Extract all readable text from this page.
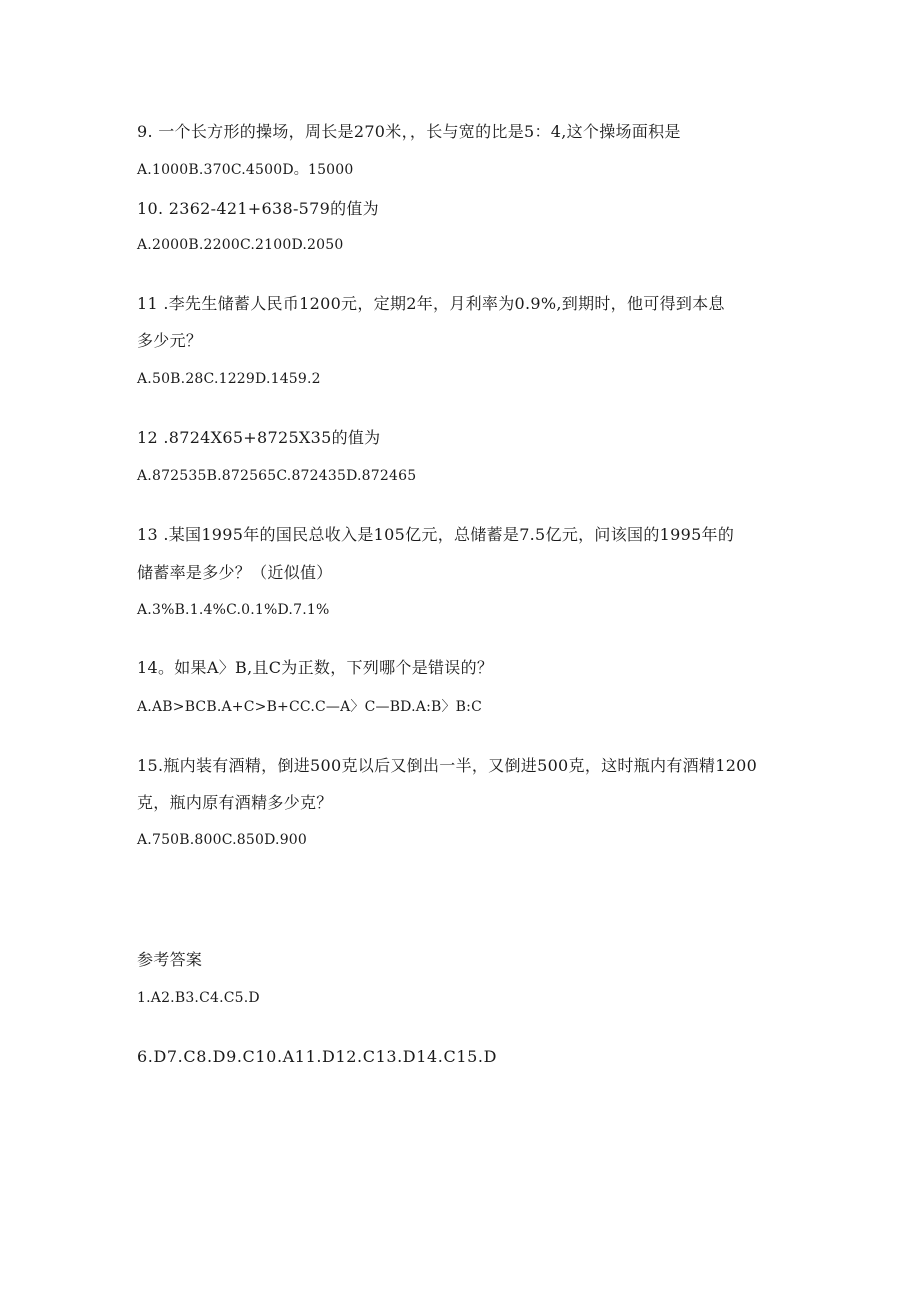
9. 一个长方形的操场，周长是270米，，长与宽的比是5：4,这个操场面积是
A.1000B.370C.4500D。15000
10. 2362-421+638-579的值为
A.2000B.2200C.2100D.2050
11 .李先生储蓄人民币1200元，定期2年，月利率为0.9%,到期时，他可得到本息
多少元？
A.50B.28C.1229D.1459.2
12 .8724X65+8725X35的值为
A.872535B.872565C.872435D.872465
13 .某国1995年的国民总收入是105亿元，总储蓄是7.5亿元，问该国的1995年的
储蓄率是多少？（近似值）
A.3%B.1.4%C.0.1%D.7.1%
14。如果A〉B,且C为正数，下列哪个是错误的？
A.AB>BCB.A+C>B+CC.C—A〉C—BD.A:B〉B:C
15.瓶内装有酒精，倒进500克以后又倒出一半，又倒进500克，这时瓶内有酒精1200
克，瓶内原有酒精多少克？
A.750B.800C.850D.900
参考答案
1.A2.B3.C4.C5.D
6.D7.C8.D9.C10.A11.D12.C13.D14.C15.D
